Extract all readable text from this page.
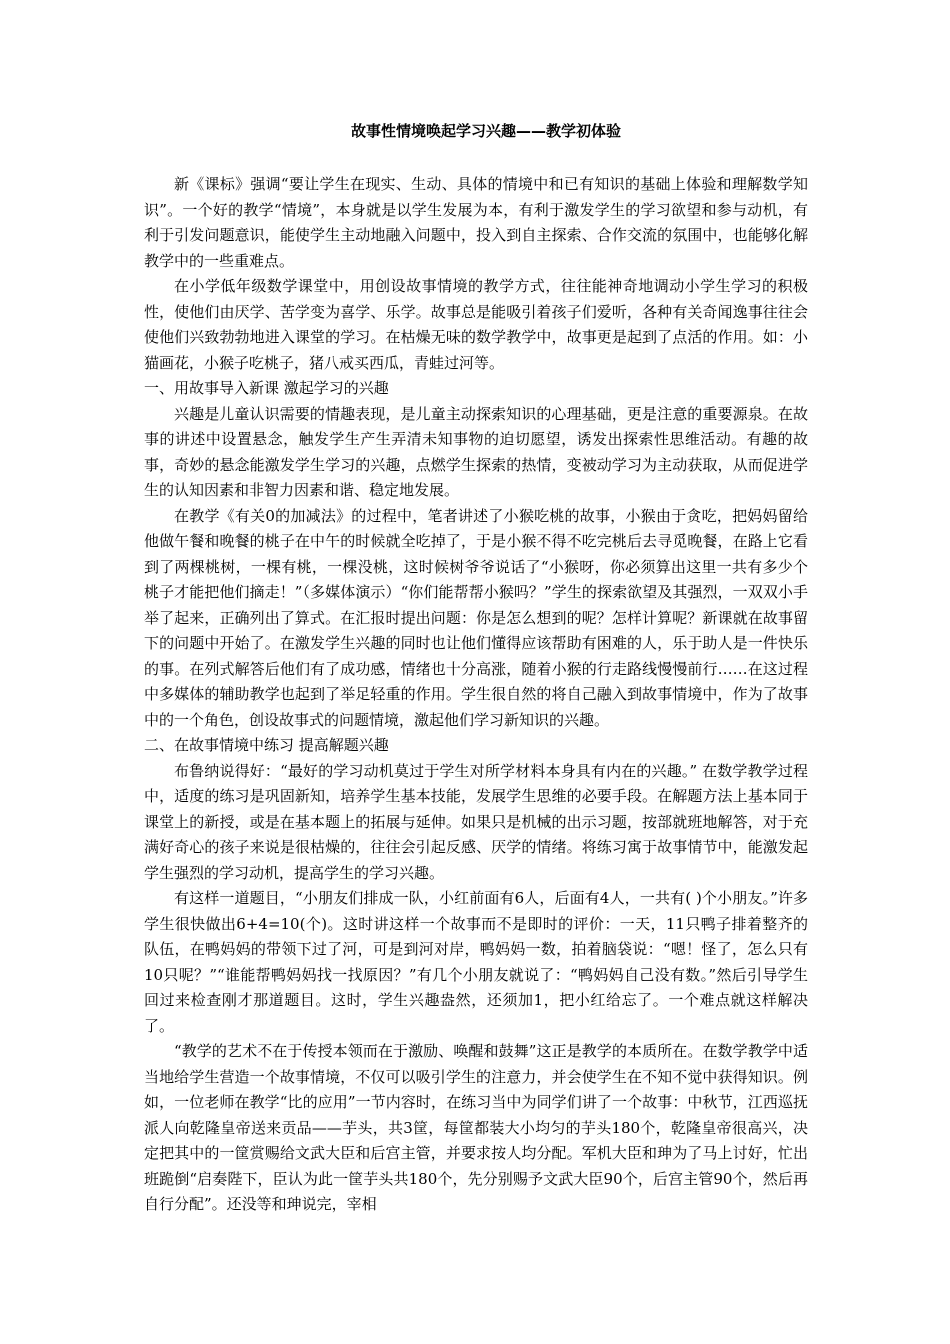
故事性情境唤起学习兴趣——教学初体验

新《课标》强调“要让学生在现实、生动、具体的情境中和已有知识的基础上体验和理解数学知识”。一个好的教学“情境”，本身就是以学生发展为本，有利于激发学生的学习欲望和参与动机，有利于引发问题意识，能使学生主动地融入问题中，投入到自主探索、合作交流的氛围中，也能够化解教学中的一些重难点。

在小学低年级数学课堂中，用创设故事情境的教学方式，往往能神奇地调动小学生学习的积极性，使他们由厌学、苦学变为喜学、乐学。故事总是能吸引着孩子们爱听，各种有关奇闻逸事往往会使他们兴致勃勃地进入课堂的学习。在枯燥无味的数学教学中，故事更是起到了点活的作用。如：小猫画花，小猴子吃桃子，猪八戒买西瓜，青蛙过河等。

一、用故事导入新课 激起学习的兴趣

兴趣是儿童认识需要的情趣表现，是儿童主动探索知识的心理基础，更是注意的重要源泉。在故事的讲述中设置悬念，触发学生产生弄清未知事物的迫切愿望，诱发出探索性思维活动。有趣的故事，奇妙的悬念能激发学生学习的兴趣，点燃学生探索的热情，变被动学习为主动获取，从而促进学生的认知因素和非智力因素和谐、稳定地发展。

在教学《有关0的加减法》的过程中，笔者讲述了小猴吃桃的故事，小猴由于贪吃，把妈妈留给他做午餐和晚餐的桃子在中午的时候就全吃掉了，于是小猴不得不吃完桃后去寻觅晚餐，在路上它看到了两棵桃树，一棵有桃，一棵没桃，这时候树爷爷说话了“小猴呀，你必须算出这里一共有多少个桃子才能把他们摘走！”（多媒体演示）“你们能帮帮小猴吗？”学生的探索欲望及其强烈，一双双小手举了起来，正确列出了算式。在汇报时提出问题：你是怎么想到的呢？怎样计算呢？新课就在故事留下的问题中开始了。在激发学生兴趣的同时也让他们懂得应该帮助有困难的人，乐于助人是一件快乐的事。在列式解答后他们有了成功感，情绪也十分高涨，随着小猴的行走路线慢慢前行……在这过程中多媒体的辅助教学也起到了举足轻重的作用。学生很自然的将自己融入到故事情境中，作为了故事中的一个角色，创设故事式的问题情境，激起他们学习新知识的兴趣。

二、在故事情境中练习 提高解题兴趣

布鲁纳说得好：“最好的学习动机莫过于学生对所学材料本身具有内在的兴趣。” 在数学教学过程中，适度的练习是巩固新知，培养学生基本技能，发展学生思维的必要手段。在解题方法上基本同于课堂上的新授，或是在基本题上的拓展与延伸。如果只是机械的出示习题，按部就班地解答，对于充满好奇心的孩子来说是很枯燥的，往往会引起反感、厌学的情绪。将练习寓于故事情节中，能激发起学生强烈的学习动机，提高学生的学习兴趣。

有这样一道题目，“小朋友们排成一队，小红前面有6人，后面有4人，一共有( )个小朋友。”许多学生很快做出6+4=10(个)。这时讲这样一个故事而不是即时的评价：一天，11只鸭子排着整齐的队伍，在鸭妈妈的带领下过了河，可是到河对岸，鸭妈妈一数，拍着脑袋说：“嗯！怪了，怎么只有10只呢？”“谁能帮鸭妈妈找一找原因？”有几个小朋友就说了：“鸭妈妈自己没有数。”然后引导学生回过来检查刚才那道题目。这时，学生兴趣盎然，还须加1，把小红给忘了。一个难点就这样解决了。

“教学的艺术不在于传授本领而在于激励、唤醒和鼓舞”这正是教学的本质所在。在数学教学中适当地给学生营造一个故事情境，不仅可以吸引学生的注意力，并会使学生在不知不觉中获得知识。例如，一位老师在教学“比的应用”一节内容时，在练习当中为同学们讲了一个故事：中秋节，江西巡抚派人向乾隆皇帝送来贡品——芋头，共3筐，每筐都装大小均匀的芋头180个，乾隆皇帝很高兴，决定把其中的一筐赏赐给文武大臣和后宫主管，并要求按人均分配。军机大臣和珅为了马上讨好，忙出班跪倒“启奏陛下，臣认为此一筐芋头共180个，先分别赐予文武大臣90个，后宫主管90个，然后再自行分配”。还没等和珅说完，宰相
